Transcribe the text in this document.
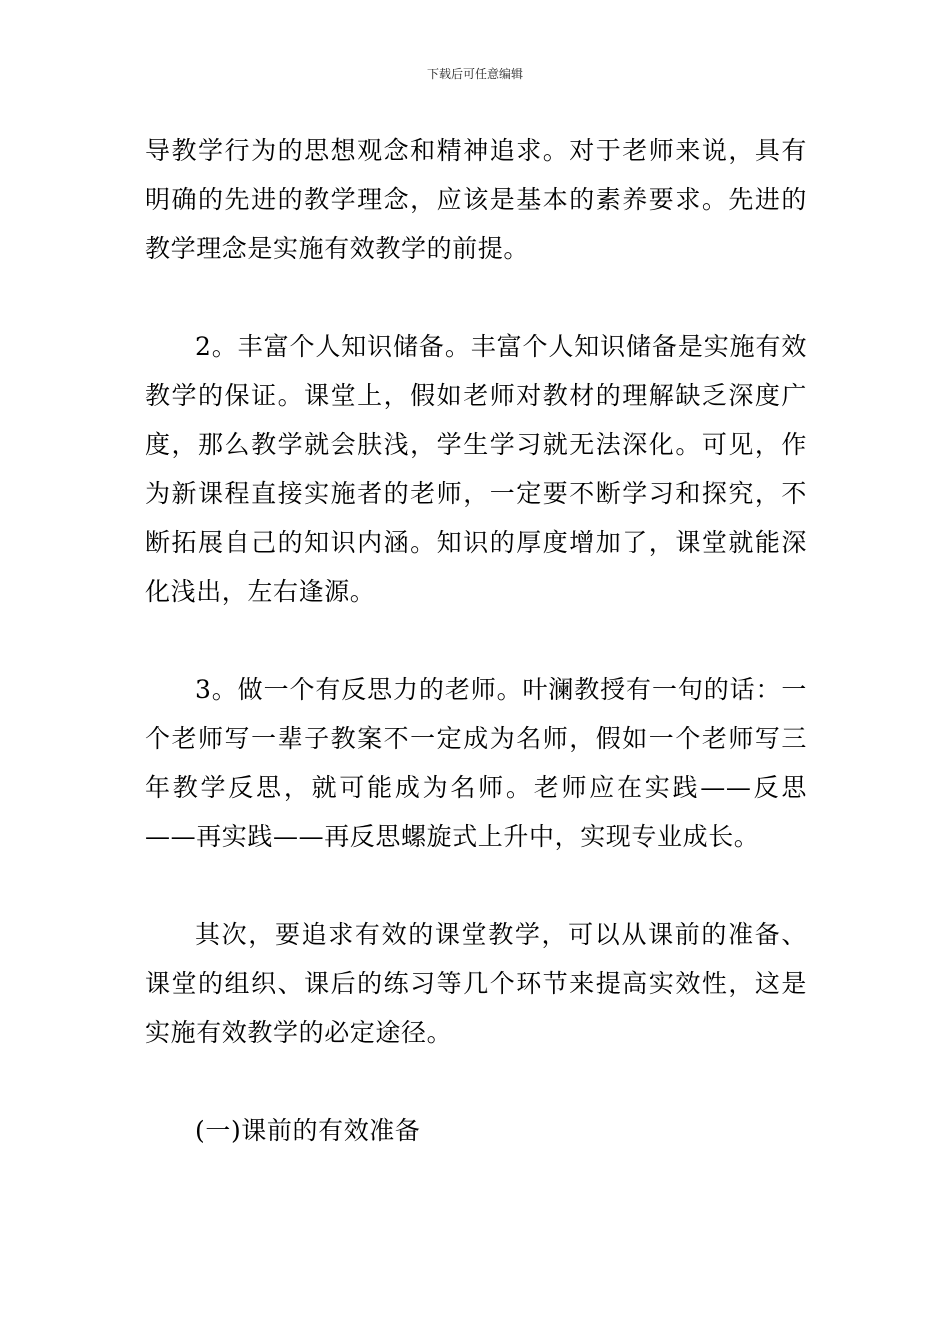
下载后可任意编辑

导教学行为的思想观念和精神追求。对于老师来说，具有明确的先进的教学理念，应该是基本的素养要求。先进的教学理念是实施有效教学的前提。

2。丰富个人知识储备。丰富个人知识储备是实施有效教学的保证。课堂上，假如老师对教材的理解缺乏深度广度，那么教学就会肤浅，学生学习就无法深化。可见，作为新课程直接实施者的老师，一定要不断学习和探究，不断拓展自己的知识内涵。知识的厚度增加了，课堂就能深化浅出，左右逢源。

3。做一个有反思力的老师。叶澜教授有一句的话：一个老师写一辈子教案不一定成为名师，假如一个老师写三年教学反思，就可能成为名师。老师应在实践——反思——再实践——再反思螺旋式上升中，实现专业成长。

其次，要追求有效的课堂教学，可以从课前的准备、课堂的组织、课后的练习等几个环节来提高实效性，这是实施有效教学的必定途径。

(一)课前的有效准备
